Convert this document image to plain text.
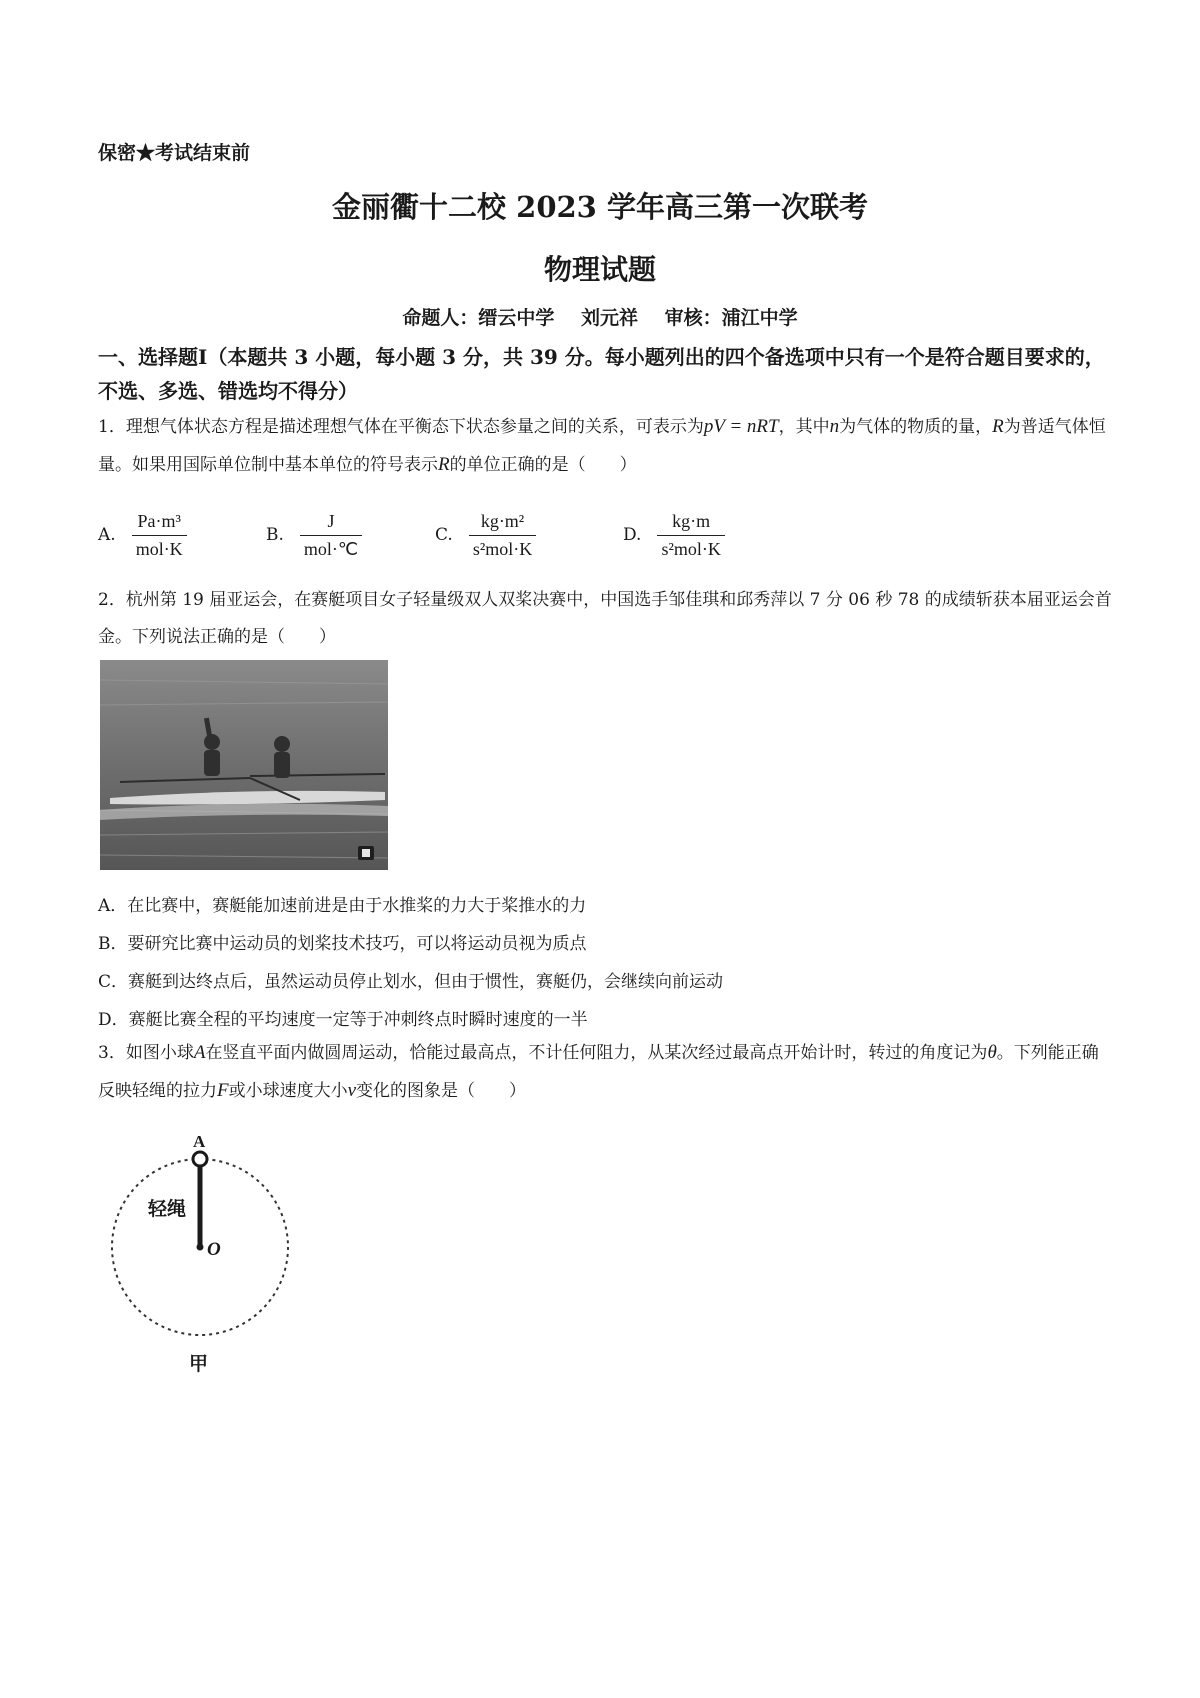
保密★考试结束前
金丽衢十二校 2023 学年高三第一次联考
物理试题
命题人：缙云中学 刘元祥 审核：浦江中学
一、选择题Ⅰ（本题共 3 小题，每小题 3 分，共 39 分。每小题列出的四个备选项中只有一个是符合题目要求的，不选、多选、错选均不得分）
1．理想气体状态方程是描述理想气体在平衡态下状态参量之间的关系，可表示为pV = nRT，其中n为气体的物质的量，R为普适气体恒量。如果用国际单位制中基本单位的符号表示R的单位正确的是（　　）
A. $\frac{\text{Pa·m³}}{\text{mol·K}}$	B. $\frac{J}{\text{mol·℃}}$	C. $\frac{\text{kg·m²}}{\text{s²mol·K}}$	D. $\frac{kg\cdot m}{\text{s²mol·K}}$
2．杭州第 19 届亚运会，在赛艇项目女子轻量级双人双桨决赛中，中国选手邹佳琪和邱秀萍以 7 分 06 秒 78 的成绩斩获本届亚运会首金。下列说法正确的是（　　）
A．在比赛中，赛艇能加速前进是由于水推桨的力大于桨推水的力
B．要研究比赛中运动员的划桨技术技巧，可以将运动员视为质点
C．赛艇到达终点后，虽然运动员停止划水，但由于惯性，赛艇仍，会继续向前运动
D．赛艇比赛全程的平均速度一定等于冲刺终点时瞬时速度的一半
3．如图小球A在竖直平面内做圆周运动，恰能过最高点，不计任何阻力，从某次经过最高点开始计时，转过的角度记为θ。下列能正确反映轻绳的拉力F或小球速度大小v变化的图象是（　　）
A
轻绳
O
甲
